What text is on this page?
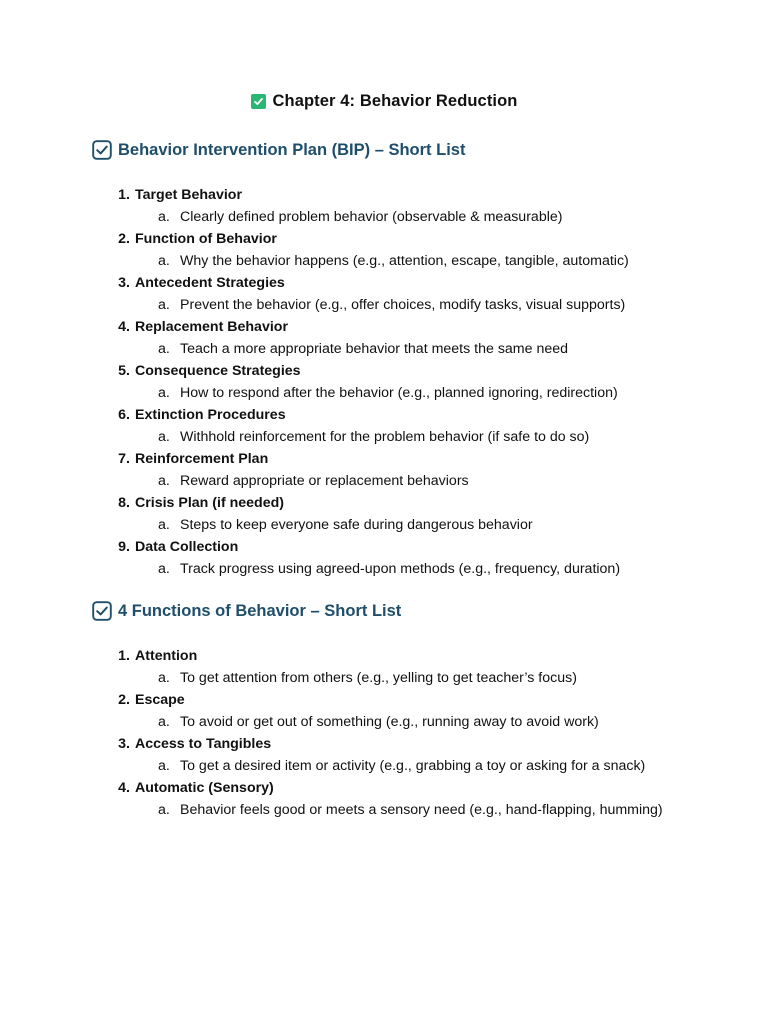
Chapter 4: Behavior Reduction
Behavior Intervention Plan (BIP) – Short List
1. Target Behavior
a. Clearly defined problem behavior (observable & measurable)
2. Function of Behavior
a. Why the behavior happens (e.g., attention, escape, tangible, automatic)
3. Antecedent Strategies
a. Prevent the behavior (e.g., offer choices, modify tasks, visual supports)
4. Replacement Behavior
a. Teach a more appropriate behavior that meets the same need
5. Consequence Strategies
a. How to respond after the behavior (e.g., planned ignoring, redirection)
6. Extinction Procedures
a. Withhold reinforcement for the problem behavior (if safe to do so)
7. Reinforcement Plan
a. Reward appropriate or replacement behaviors
8. Crisis Plan (if needed)
a. Steps to keep everyone safe during dangerous behavior
9. Data Collection
a. Track progress using agreed-upon methods (e.g., frequency, duration)
4 Functions of Behavior – Short List
1. Attention
a. To get attention from others (e.g., yelling to get teacher’s focus)
2. Escape
a. To avoid or get out of something (e.g., running away to avoid work)
3. Access to Tangibles
a. To get a desired item or activity (e.g., grabbing a toy or asking for a snack)
4. Automatic (Sensory)
a. Behavior feels good or meets a sensory need (e.g., hand-flapping, humming)
